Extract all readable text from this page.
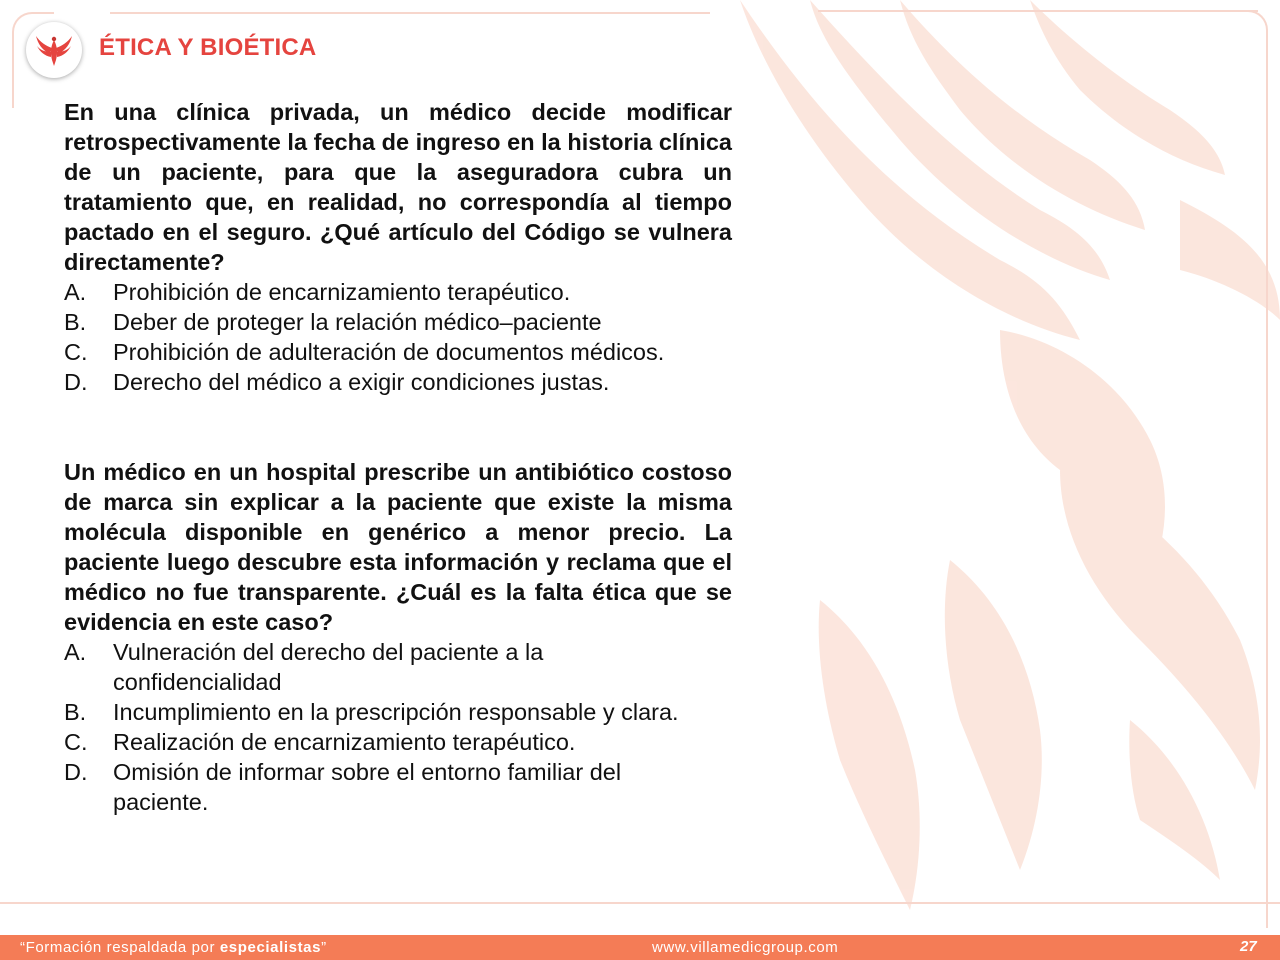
ÉTICA Y BIOÉTICA

En una clínica privada, un médico decide modificar retrospectivamente la fecha de ingreso en la historia clínica de un paciente, para que la aseguradora cubra un tratamiento que, en realidad, no correspondía al tiempo pactado en el seguro. ¿Qué artículo del Código se vulnera directamente?

A.	Prohibición de encarnizamiento terapéutico.
B.	Deber de proteger la relación médico–paciente
C.	Prohibición de adulteración de documentos médicos.
D.	Derecho del médico a exigir condiciones justas.

Un médico en un hospital prescribe un antibiótico costoso de marca sin explicar a la paciente que existe la misma molécula disponible en genérico a menor precio. La paciente luego descubre esta información y reclama que el médico no fue transparente. ¿Cuál es la falta ética que se evidencia en este caso?

A.	Vulneración del derecho del paciente a la confidencialidad
B.	Incumplimiento en la prescripción responsable y clara.
C.	Realización de encarnizamiento terapéutico.
D.	Omisión de informar sobre el entorno familiar del paciente.
“Formación respaldada por especialistas”	www.villamedicgroup.com	27
